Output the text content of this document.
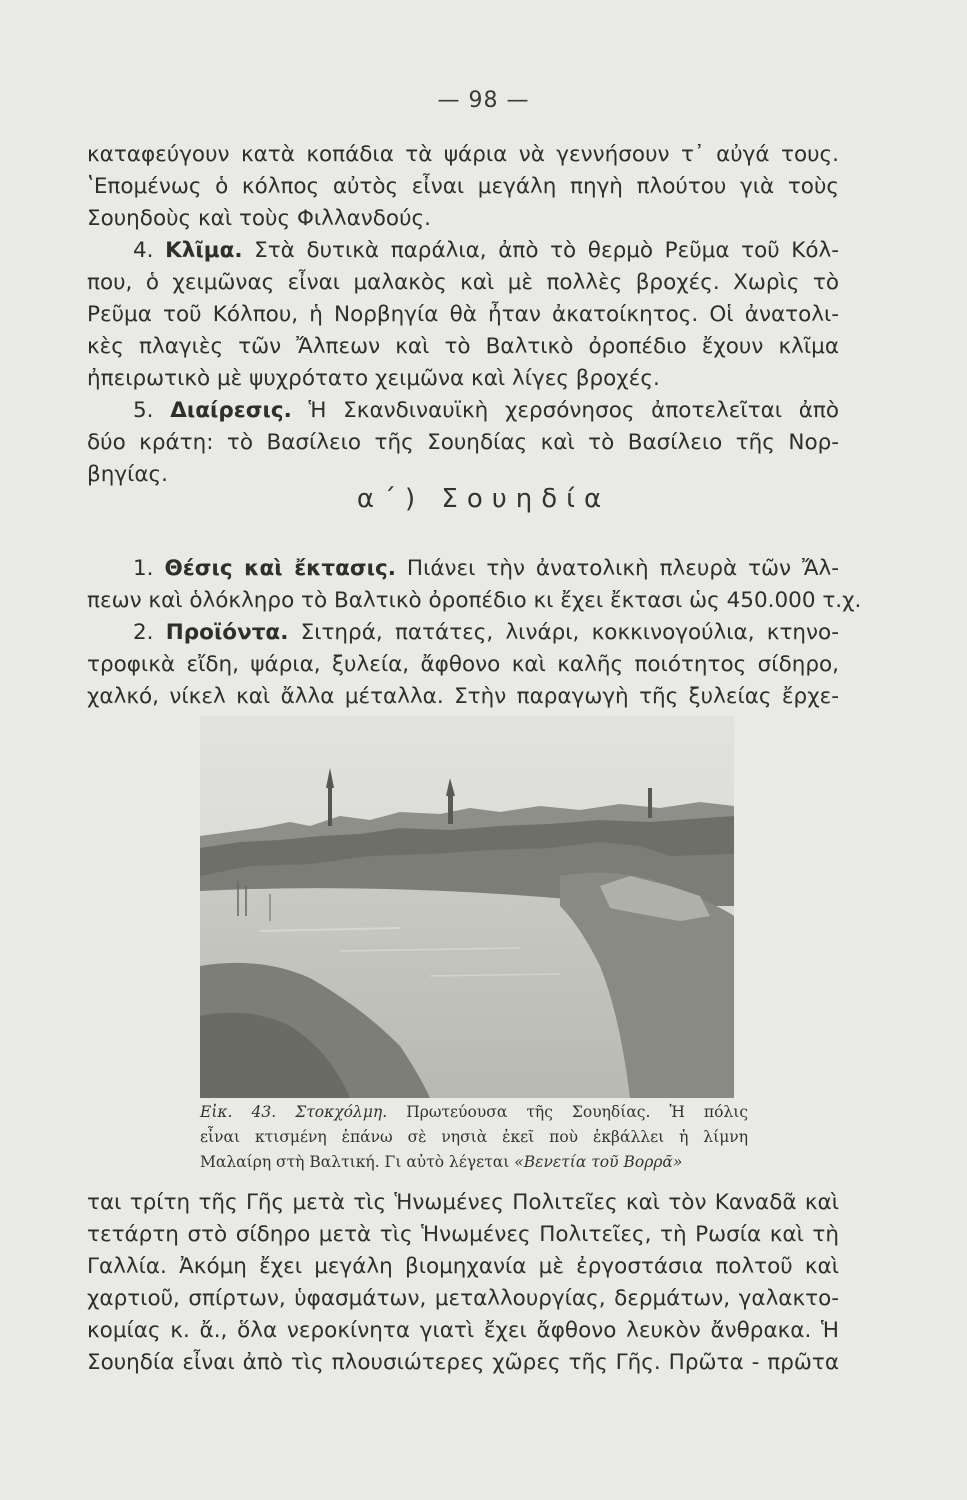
— 98 —
καταφεύγουν κατὰ κοπάδια τὰ ψάρια νὰ γεννήσουν τ᾽ αὐγά τους.
ʽΕπομένως ὁ κόλπος αὐτὸς εἶναι μεγάλη πηγὴ πλούτου γιὰ τοὺς
Σουηδοὺς καὶ τοὺς Φιλλανδούς.
4. Κλῖμα. Στὰ δυτικὰ παράλια, ἀπὸ τὸ θερμὸ Ρεῦμα τοῦ Κόλ-
που, ὁ χειμῶνας εἶναι μαλακὸς καὶ μὲ πολλὲς βροχές. Χωρὶς τὸ
Ρεῦμα τοῦ Κόλπου, ἡ Νορβηγία θὰ ἦταν ἀκατοίκητος. Οἱ ἀνατολι-
κὲς πλαγιὲς τῶν Ἄλπεων καὶ τὸ Βαλτικὸ ὀροπέδιο ἔχουν κλῖμα
ἠπειρωτικὸ μὲ ψυχρότατο χειμῶνα καὶ λίγες βροχές.
5. Διαίρεσις. Ἡ Σκανδιναυϊκὴ χερσόνησος ἀποτελεῖται ἀπὸ
δύο κράτη: τὸ Βασίλειο τῆς Σουηδίας καὶ τὸ Βασίλειο τῆς Νορ-
βηγίας.
α΄) Σουηδία
1. Θέσις καὶ ἔκτασις. Πιάνει τὴν ἀνατολικὴ πλευρὰ τῶν Ἄλ-
πεων καὶ ὁλόκληρο τὸ Βαλτικὸ ὀροπέδιο κι ἔχει ἔκτασι ὡς 450.000 τ.χ.
2. Προϊόντα. Σιτηρά, πατάτες, λινάρι, κοκκινογούλια, κτηνο-
τροφικὰ εἴδη, ψάρια, ξυλεία, ἄφθονο καὶ καλῆς ποιότητος σίδηρο,
χαλκό, νίκελ καὶ ἄλλα μέταλλα. Στὴν παραγωγὴ τῆς ξυλείας ἔρχε-
Εἰκ. 43. Στοκχόλμη. Πρωτεύουσα τῆς Σουηδίας. Ἡ πόλις
εἶναι κτισμένη ἐπάνω σὲ νησιὰ ἐκεῖ ποὺ ἐκβάλλει ἡ λίμνη
Μαλαίρη στὴ Βαλτική. Γι αὐτὸ λέγεται «Βενετία τοῦ Βορρᾶ»
ται τρίτη τῆς Γῆς μετὰ τὶς Ἡνωμένες Πολιτεῖες καὶ τὸν Καναδᾶ καὶ
τετάρτη στὸ σίδηρο μετὰ τὶς Ἡνωμένες Πολιτεῖες, τὴ Ρωσία καὶ τὴ
Γαλλία. Ἀκόμη ἔχει μεγάλη βιομηχανία μὲ ἐργοστάσια πολτοῦ καὶ
χαρτιοῦ, σπίρτων, ὑφασμάτων, μεταλλουργίας, δερμάτων, γαλακτο-
κομίας κ. ἄ., ὅλα νεροκίνητα γιατὶ ἔχει ἄφθονο λευκὸν ἄνθρακα. Ἡ
Σουηδία εἶναι ἀπὸ τὶς πλουσιώτερες χῶρες τῆς Γῆς. Πρῶτα - πρῶτα
